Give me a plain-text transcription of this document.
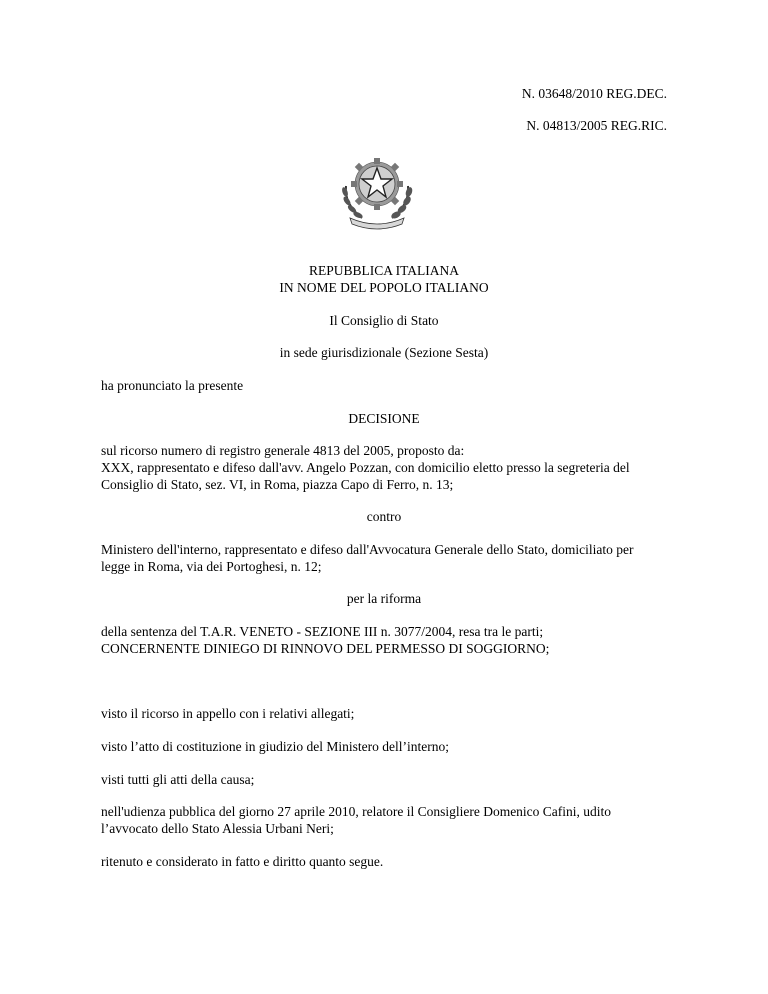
N. 03648/2010 REG.DEC.
N. 04813/2005 REG.RIC.
REPUBBLICA ITALIANA
IN NOME DEL POPOLO ITALIANO
Il Consiglio di Stato
in sede giurisdizionale (Sezione Sesta)
ha pronunciato la presente
DECISIONE
sul ricorso numero di registro generale 4813 del 2005, proposto da:
XXX, rappresentato e difeso dall'avv. Angelo Pozzan, con domicilio eletto presso la segreteria del
Consiglio di Stato, sez. VI, in Roma, piazza Capo di Ferro, n. 13;
contro
Ministero dell'interno, rappresentato e difeso dall'Avvocatura Generale dello Stato, domiciliato per
legge in Roma, via dei Portoghesi, n. 12;
per la riforma
della sentenza del T.A.R. VENETO - SEZIONE III n. 3077/2004, resa tra le parti;
CONCERNENTE DINIEGO DI RINNOVO DEL PERMESSO DI SOGGIORNO;
visto il ricorso in appello con i relativi allegati;
visto l’atto di costituzione in giudizio del Ministero dell’interno;
visti tutti gli atti della causa;
nell'udienza pubblica del giorno 27 aprile 2010, relatore il Consigliere Domenico Cafini, udito
l’avvocato dello Stato Alessia Urbani Neri;
ritenuto e considerato in fatto e diritto quanto segue.
